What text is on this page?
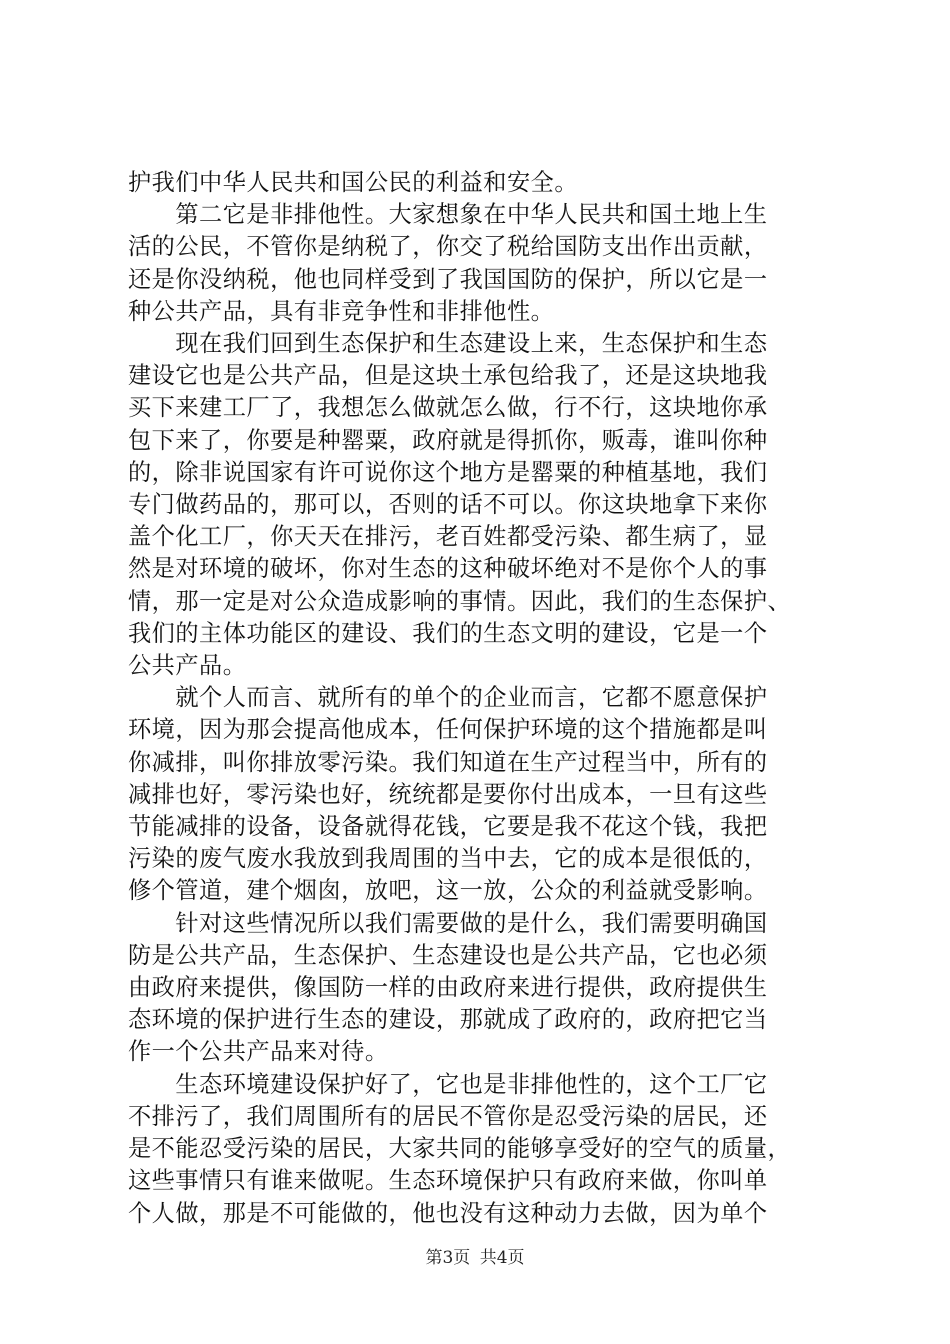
护我们中华人民共和国公民的利益和安全。
　　第二它是非排他性。大家想象在中华人民共和国土地上生
活的公民，不管你是纳税了，你交了税给国防支出作出贡献，
还是你没纳税，他也同样受到了我国国防的保护，所以它是一
种公共产品，具有非竞争性和非排他性。
　　现在我们回到生态保护和生态建设上来，生态保护和生态
建设它也是公共产品，但是这块土承包给我了，还是这块地我
买下来建工厂了，我想怎么做就怎么做，行不行，这块地你承
包下来了，你要是种罂粟，政府就是得抓你，贩毒，谁叫你种
的，除非说国家有许可说你这个地方是罂粟的种植基地，我们
专门做药品的，那可以，否则的话不可以。你这块地拿下来你
盖个化工厂，你天天在排污，老百姓都受污染、都生病了，显
然是对环境的破坏，你对生态的这种破坏绝对不是你个人的事
情，那一定是对公众造成影响的事情。因此，我们的生态保护、
我们的主体功能区的建设、我们的生态文明的建设，它是一个
公共产品。
　　就个人而言、就所有的单个的企业而言，它都不愿意保护
环境，因为那会提高他成本，任何保护环境的这个措施都是叫
你减排，叫你排放零污染。我们知道在生产过程当中，所有的
减排也好，零污染也好，统统都是要你付出成本，一旦有这些
节能减排的设备，设备就得花钱，它要是我不花这个钱，我把
污染的废气废水我放到我周围的当中去，它的成本是很低的，
修个管道，建个烟囱，放吧，这一放，公众的利益就受影响。
　　针对这些情况所以我们需要做的是什么，我们需要明确国
防是公共产品，生态保护、生态建设也是公共产品，它也必须
由政府来提供，像国防一样的由政府来进行提供，政府提供生
态环境的保护进行生态的建设，那就成了政府的，政府把它当
作一个公共产品来对待。
　　生态环境建设保护好了，它也是非排他性的，这个工厂它
不排污了，我们周围所有的居民不管你是忍受污染的居民，还
是不能忍受污染的居民，大家共同的能够享受好的空气的质量，
这些事情只有谁来做呢。生态环境保护只有政府来做，你叫单
个人做，那是不可能做的，他也没有这种动力去做，因为单个
第3页 共4页
